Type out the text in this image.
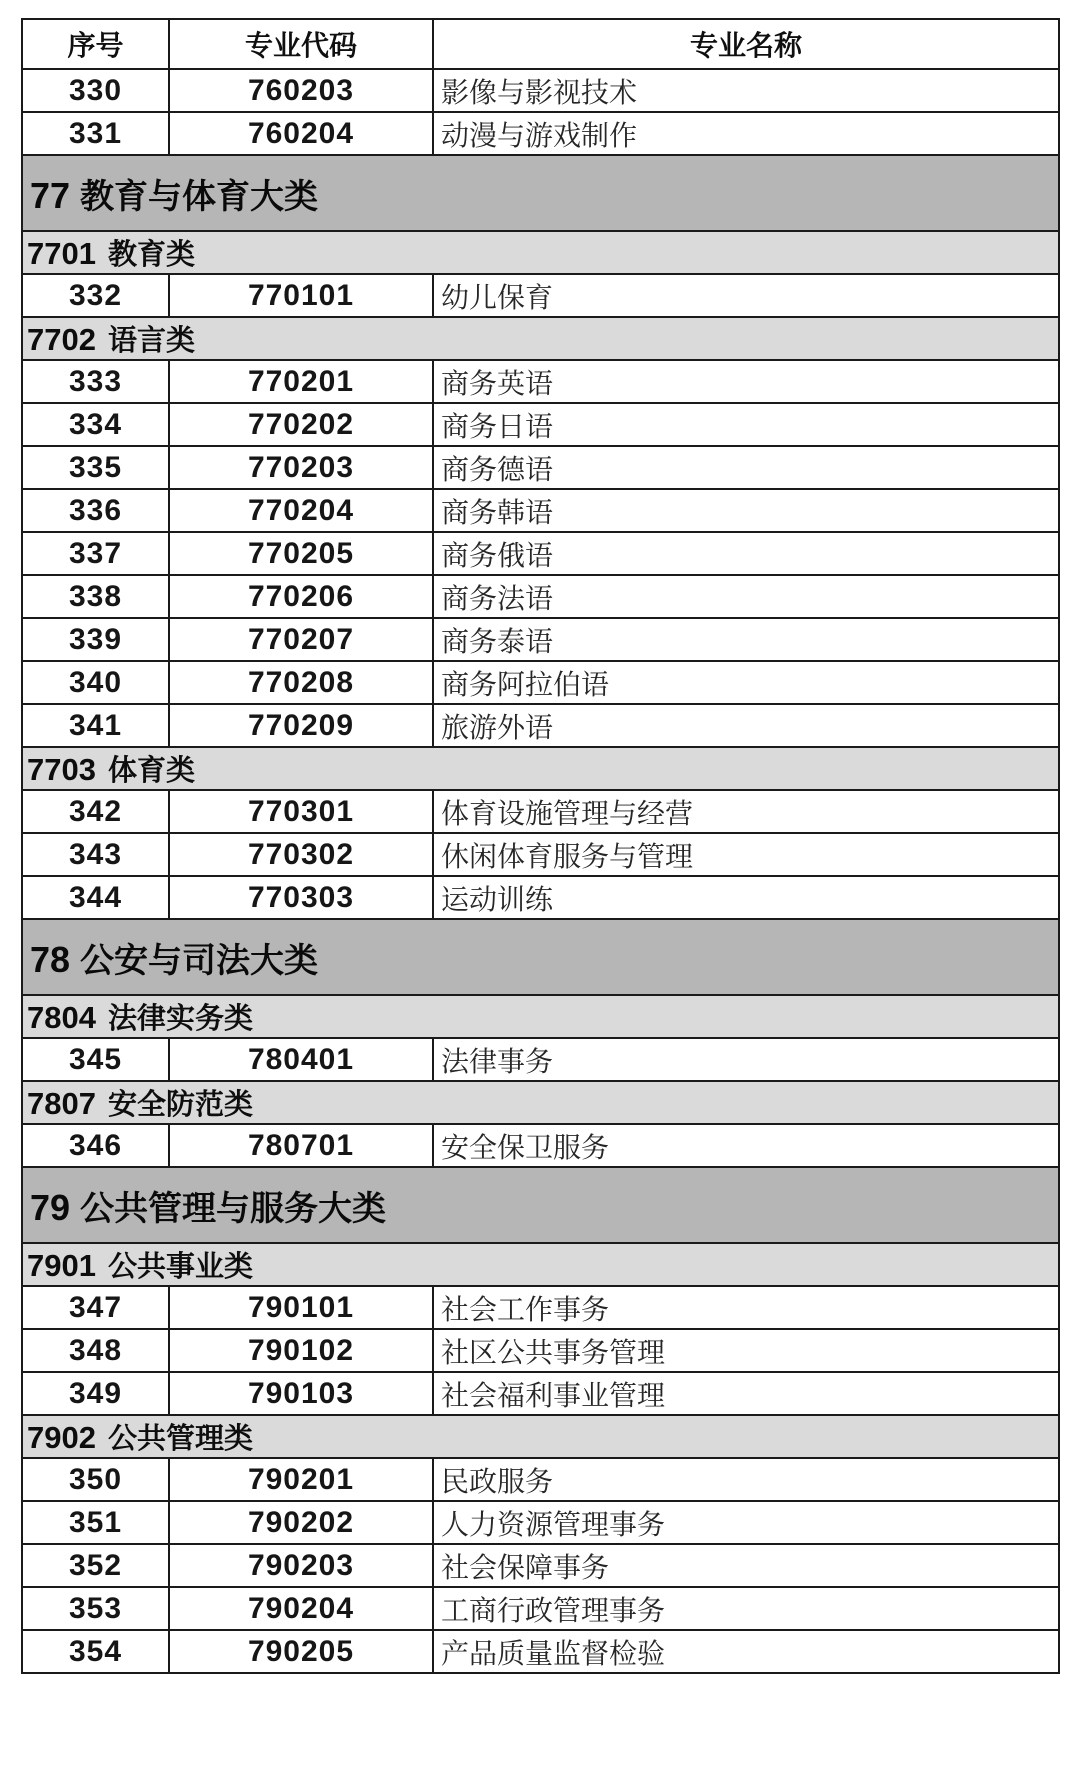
序号	专业代码	专业名称
330	760203	影像与影视技术
331	760204	动漫与游戏制作
77 教育与体育大类		
7701 教育类		
332	770101	幼儿保育
7702 语言类		
333	770201	商务英语
334	770202	商务日语
335	770203	商务德语
336	770204	商务韩语
337	770205	商务俄语
338	770206	商务法语
339	770207	商务泰语
340	770208	商务阿拉伯语
341	770209	旅游外语
7703 体育类		
342	770301	体育设施管理与经营
343	770302	休闲体育服务与管理
344	770303	运动训练
78 公安与司法大类		
7804 法律实务类		
345	780401	法律事务
7807 安全防范类		
346	780701	安全保卫服务
79 公共管理与服务大类		
7901 公共事业类		
347	790101	社会工作事务
348	790102	社区公共事务管理
349	790103	社会福利事业管理
7902 公共管理类		
350	790201	民政服务
351	790202	人力资源管理事务
352	790203	社会保障事务
353	790204	工商行政管理事务
354	790205	产品质量监督检验
